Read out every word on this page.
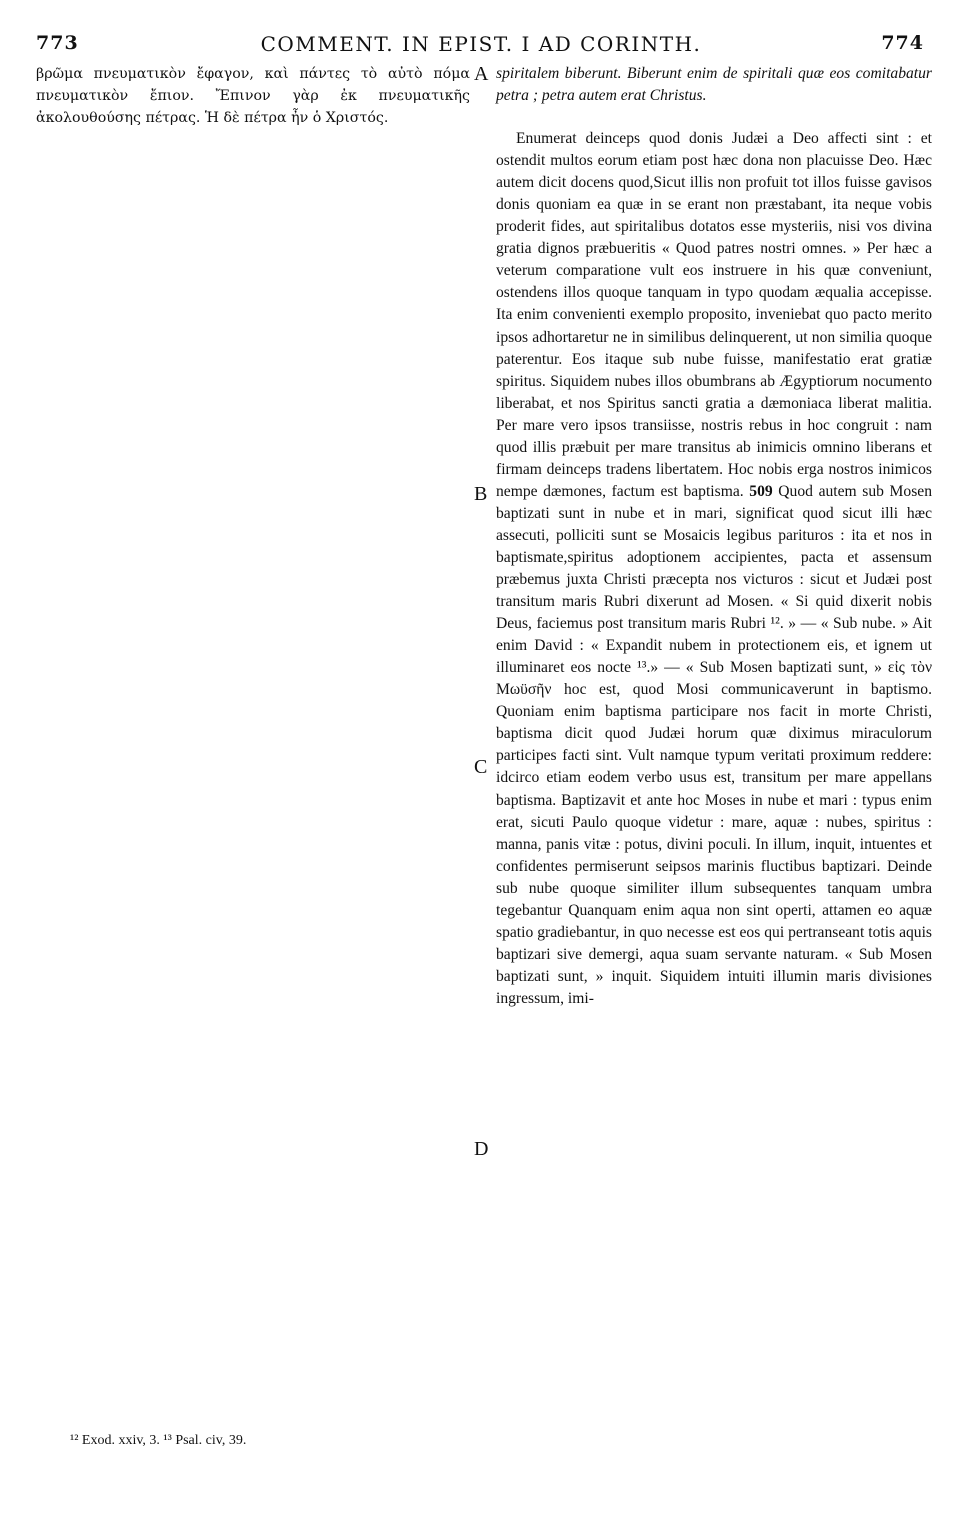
773	COMMENT. IN EPIST. I AD CORINTH.	774

βρῶμα πνευματικὸν ἔφαγον, καὶ πάντες τὸ αὐτὸ πόμα πνευματικὸν ἔπιον. Ἔπινον γὰρ ἐκ πνευματικῆς ἀκολουθούσης πέτρας. Ἡ δὲ πέτρα ἦν ὁ Χριστός.

A
B
C
D

spiritalem biberunt. Biberunt enim de spiritali quæ eos comitabatur petra ; petra autem erat Christus.

Enumerat deinceps quod donis Judæi a Deo affecti sint : et ostendit multos eorum etiam post hæc dona non placuisse Deo. Hæc autem dicit docens quod,Sicut illis non profuit tot illos fuisse gavisos donis quoniam ea quæ in se erant non præstabant, ita neque vobis proderit fides, aut spiritalibus dotatos esse mysteriis, nisi vos divina gratia dignos præbueritis « Quod patres nostri omnes. » Per hæc a veterum comparatione vult eos instruere in his quæ conveniunt, ostendens illos quoque tanquam in typo quodam æqualia accepisse. Ita enim convenienti exemplo proposito, inveniebat quo pacto merito ipsos adhortaretur ne in similibus delinquerent, ut non similia quoque paterentur. Eos itaque sub nube fuisse, manifestatio erat gratiæ spiritus. Siquidem nubes illos obumbrans ab Ægyptiorum nocumento liberabat, et nos Spiritus sancti gratia a dæmoniaca liberat malitia. Per mare vero ipsos transiisse, nostris rebus in hoc congruit : nam quod illis præbuit per mare transitus ab inimicis omnino liberans et firmam deinceps tradens libertatem. Hoc nobis erga nostros inimicos nempe dæmones, factum est baptisma. 509 Quod autem sub Mosen baptizati sunt in nube et in mari, significat quod sicut illi hæc assecuti, polliciti sunt se Mosaicis legibus parituros : ita et nos in baptismate,spiritus adoptionem accipientes, pacta et assensum præbemus juxta Christi præcepta nos victuros : sicut et Judæi post transitum maris Rubri dixerunt ad Mosen. « Si quid dixerit nobis Deus, faciemus post transitum maris Rubri ¹². » — « Sub nube. » Ait enim David : « Expandit nubem in protectionem eis, et ignem ut illuminaret eos nocte ¹³.» — « Sub Mosen baptizati sunt, » εἰς τὸν Μωϋσῆν hoc est, quod Mosi communicaverunt in baptismo. Quoniam enim baptisma participare nos facit in morte Christi, baptisma dicit quod Judæi horum quæ diximus miraculorum participes facti sint. Vult namque typum veritati proximum reddere: idcirco etiam eodem verbo usus est, transitum per mare appellans baptisma. Baptizavit et ante hoc Moses in nube et mari : typus enim erat, sicuti Paulo quoque videtur : mare, aquæ : nubes, spiritus : manna, panis vitæ : potus, divini poculi. In illum, inquit, intuentes et confidentes permiserunt seipsos marinis fluctibus baptizari. Deinde sub nube quoque similiter illum subsequentes tanquam umbra tegebantur Quanquam enim aqua non sint operti, attamen eo aquæ spatio gradiebantur, in quo necesse est eos qui pertranseant totis aquis baptizari sive demergi, aqua suam servante naturam. « Sub Mosen baptizati sunt, » inquit. Siquidem intuiti illumin maris divisiones ingressum, imi-

¹² Exod. xxiv, 3. ¹³ Psal. civ, 39.
